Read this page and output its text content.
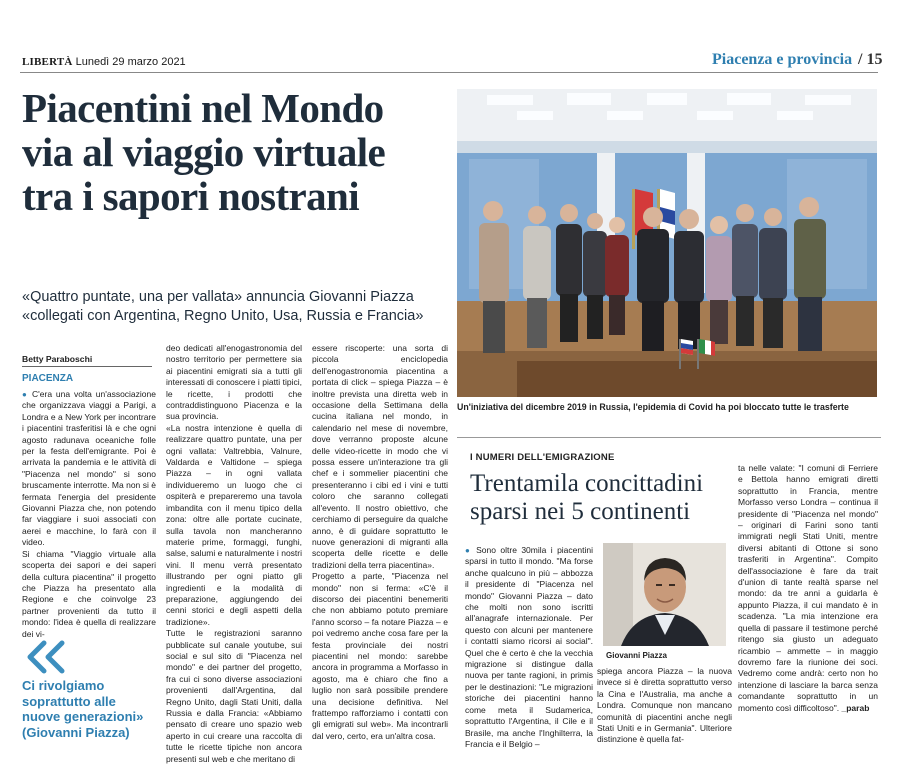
LIBERTÀ Lunedì 29 marzo 2021	Piacenza e provincia / 15
Piacentini nel Mondo
via al viaggio virtuale
tra i sapori nostrani
«Quattro puntate, una per vallata» annuncia Giovanni Piazza
«collegati con Argentina, Regno Unito, Usa, Russia e Francia»
Betty Paraboschi
PIACENZA

● C'era una volta un'associazione che organizzava viaggi a Parigi, a Londra e a New York per incontrare i piacentini trasferitisi là e che ogni agosto radunava oceaniche folle per la festa dell'emigrante. Poi è arrivata la pandemia e le attività di "Piacenza nel mondo" si sono bruscamente interrotte. Ma non si è fermata l'energia del presidente Giovanni Piazza che, non potendo far viaggiare i suoi associati con aerei e macchine, lo farà con il video.

Si chiama "Viaggio virtuale alla scoperta dei sapori e dei saperi della cultura piacentina" il progetto che Piazza ha presentato alla Regione e che coinvolge 23 partner provenienti da tutto il mondo: l'idea è quella di realizzare dei vi-

deo dedicati all'enogastronomia del nostro territorio per permettere sia ai piacentini emigrati sia a tutti gli interessati di conoscere i piatti tipici, le ricette, i prodotti che contraddistinguono Piacenza e la sua provincia.

«La nostra intenzione è quella di realizzare quattro puntate, una per ogni vallata: Valtrebbia, Valnure, Valdarda e Valtidone – spiega Piazza – in ogni vallata individueremo un luogo che ci ospiterà e prepareremo una tavola imbandita con il menu tipico della zona: oltre alle portate cucinate, sulla tavola non mancheranno materie prime, formaggi, funghi, salse, salumi e naturalmente i nostri vini. Il menu verrà presentato illustrando per ogni piatto gli ingredienti e la modalità di preparazione, aggiungendo dei cenni storici e degli aspetti della tradizione».

Tutte le registrazioni saranno pubblicate sul canale youtube, sui social e sul sito di "Piacenza nel mondo" e dei partner del progetto, fra cui ci sono diverse associazioni provenienti dall'Argentina, dal Regno Unito, dagli Stati Uniti, dalla Russia e dalla Francia: «Abbiamo pensato di creare uno spazio web aperto in cui creare una raccolta di tutte le ricette tipiche non ancora presenti sul web e che meritano di

essere riscoperte: una sorta di piccola enciclopedia dell'enogastronomia piacentina a portata di click – spiega Piazza – è inoltre prevista una diretta web in occasione della Settimana della cucina italiana nel mondo, in calendario nel mese di novembre, dove verranno proposte alcune delle video-ricette in modo che vi possa essere un'interazione tra gli chef e i sommelier piacentini che presenteranno i cibi ed i vini e tutti coloro che saranno collegati all'evento. Il nostro obiettivo, che cerchiamo di perseguire da qualche anno, è di guidare soprattutto le nuove generazioni di migranti alla scoperta delle ricette e delle tradizioni della terra piacentina».

Progetto a parte, "Piacenza nel mondo" non si ferma: «C'è il discorso dei piacentini benemeriti che non abbiamo potuto premiare l'anno scorso – fa notare Piazza – e poi vedremo anche cosa fare per la festa provinciale dei nostri piacentini nel mondo: sarebbe ancora in programma a Morfasso in agosto, ma è chiaro che fino a luglio non sarà possibile prendere una decisione definitiva. Nel frattempo rafforziamo i contatti con gli emigrati sul web». Ma incontrarli dal vero, certo, era un'altra cosa.

Ci rivolgiamo
soprattutto alle
nuove generazioni»
(Giovanni Piazza)
Un'iniziativa del dicembre 2019 in Russia, l'epidemia di Covid ha poi bloccato tutte le trasferte
I NUMERI DELL'EMIGRAZIONE
Trentamila concittadini
sparsi nei 5 continenti

● Sono oltre 30mila i piacentini sparsi in tutto il mondo. "Ma forse anche qualcuno in più – abbozza il presidente di "Piacenza nel mondo" Giovanni Piazza – dato che molti non sono iscritti all'anagrafe internazionale. Per questo con alcuni per mantenere i contatti siamo ricorsi ai social". Quel che è certo è che la vecchia migrazione si distingue dalla nuova per tante ragioni, in primis per le destinazioni: "Le migrazioni storiche dei piacentini hanno come meta il Sudamerica, soprattutto l'Argentina, il Cile e il Brasile, ma anche l'Inghilterra, la Francia e il Belgio –

Giovanni Piazza

spiega ancora Piazza – la nuova invece si è diretta soprattutto verso la Cina e l'Australia, ma anche a Londra. Comunque non mancano comunità di piacentini anche negli Stati Uniti e in Germania". Ulteriore distinzione è quella fat-

ta nelle valate: "I comuni di Ferriere e Bettola hanno emigrati diretti soprattutto in Francia, mentre Morfasso verso Londra – continua il presidente di "Piacenza nel mondo" – originari di Farini sono tanti immigrati negli Stati Uniti, mentre diversi abitanti di Ottone si sono trasferiti in Argentina". Compito dell'associazione è fare da trait d'union di tante realtà sparse nel mondo: da tre anni a guidarla è appunto Piazza, il cui mandato è in scadenza. "La mia intenzione era quella di passare il testimone perché ritengo sia giusto un adeguato ricambio – ammette – in maggio dovremo fare la riunione dei soci. Vedremo come andrà: certo non ho intenzione di lasciare la barca senza comandante soprattutto in un momento così difficoltoso". _parab
